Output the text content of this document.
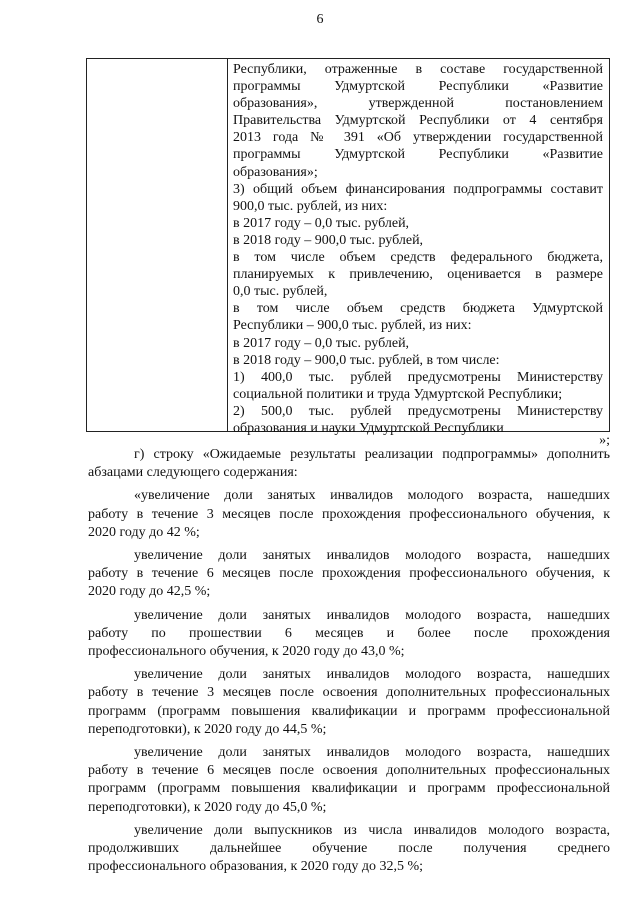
6
Республики, отраженные в составе государственной
программы Удмуртской Республики «Развитие
образования», утвержденной постановлением
Правительства Удмуртской Республики от 4 сентября
2013 года № 391 «Об утверждении государственной
программы Удмуртской Республики «Развитие
образования»;
3) общий объем финансирования подпрограммы составит
900,0 тыс. рублей, из них:
в 2017 году – 0,0 тыс. рублей,
в 2018 году – 900,0 тыс. рублей,
в том числе объем средств федерального бюджета,
планируемых к привлечению, оценивается в размере
0,0 тыс. рублей,
в том числе объем средств бюджета Удмуртской
Республики – 900,0 тыс. рублей, из них:
в 2017 году – 0,0 тыс. рублей,
в 2018 году – 900,0 тыс. рублей, в том числе:
1) 400,0 тыс. рублей предусмотрены Министерству
социальной политики и труда Удмуртской Республики;
2) 500,0 тыс. рублей предусмотрены Министерству
образования и науки Удмуртской Республики
»;
г) строку «Ожидаемые результаты реализации подпрограммы» дополнить
абзацами следующего содержания:
«увеличение доли занятых инвалидов молодого возраста, нашедших
работу в течение 3 месяцев после прохождения профессионального обучения, к
2020 году до 42 %;
увеличение доли занятых инвалидов молодого возраста, нашедших
работу в течение 6 месяцев после прохождения профессионального обучения, к
2020 году до 42,5 %;
увеличение доли занятых инвалидов молодого возраста, нашедших
работу по прошествии 6 месяцев и более после прохождения
профессионального обучения, к 2020 году до 43,0 %;
увеличение доли занятых инвалидов молодого возраста, нашедших
работу в течение 3 месяцев после освоения дополнительных профессиональных
программ (программ повышения квалификации и программ профессиональной
переподготовки), к 2020 году до 44,5 %;
увеличение доли занятых инвалидов молодого возраста, нашедших
работу в течение 6 месяцев после освоения дополнительных профессиональных
программ (программ повышения квалификации и программ профессиональной
переподготовки), к 2020 году до 45,0 %;
увеличение доли выпускников из числа инвалидов молодого возраста,
продолживших дальнейшее обучение после получения среднего
профессионального образования, к 2020 году до 32,5 %;
